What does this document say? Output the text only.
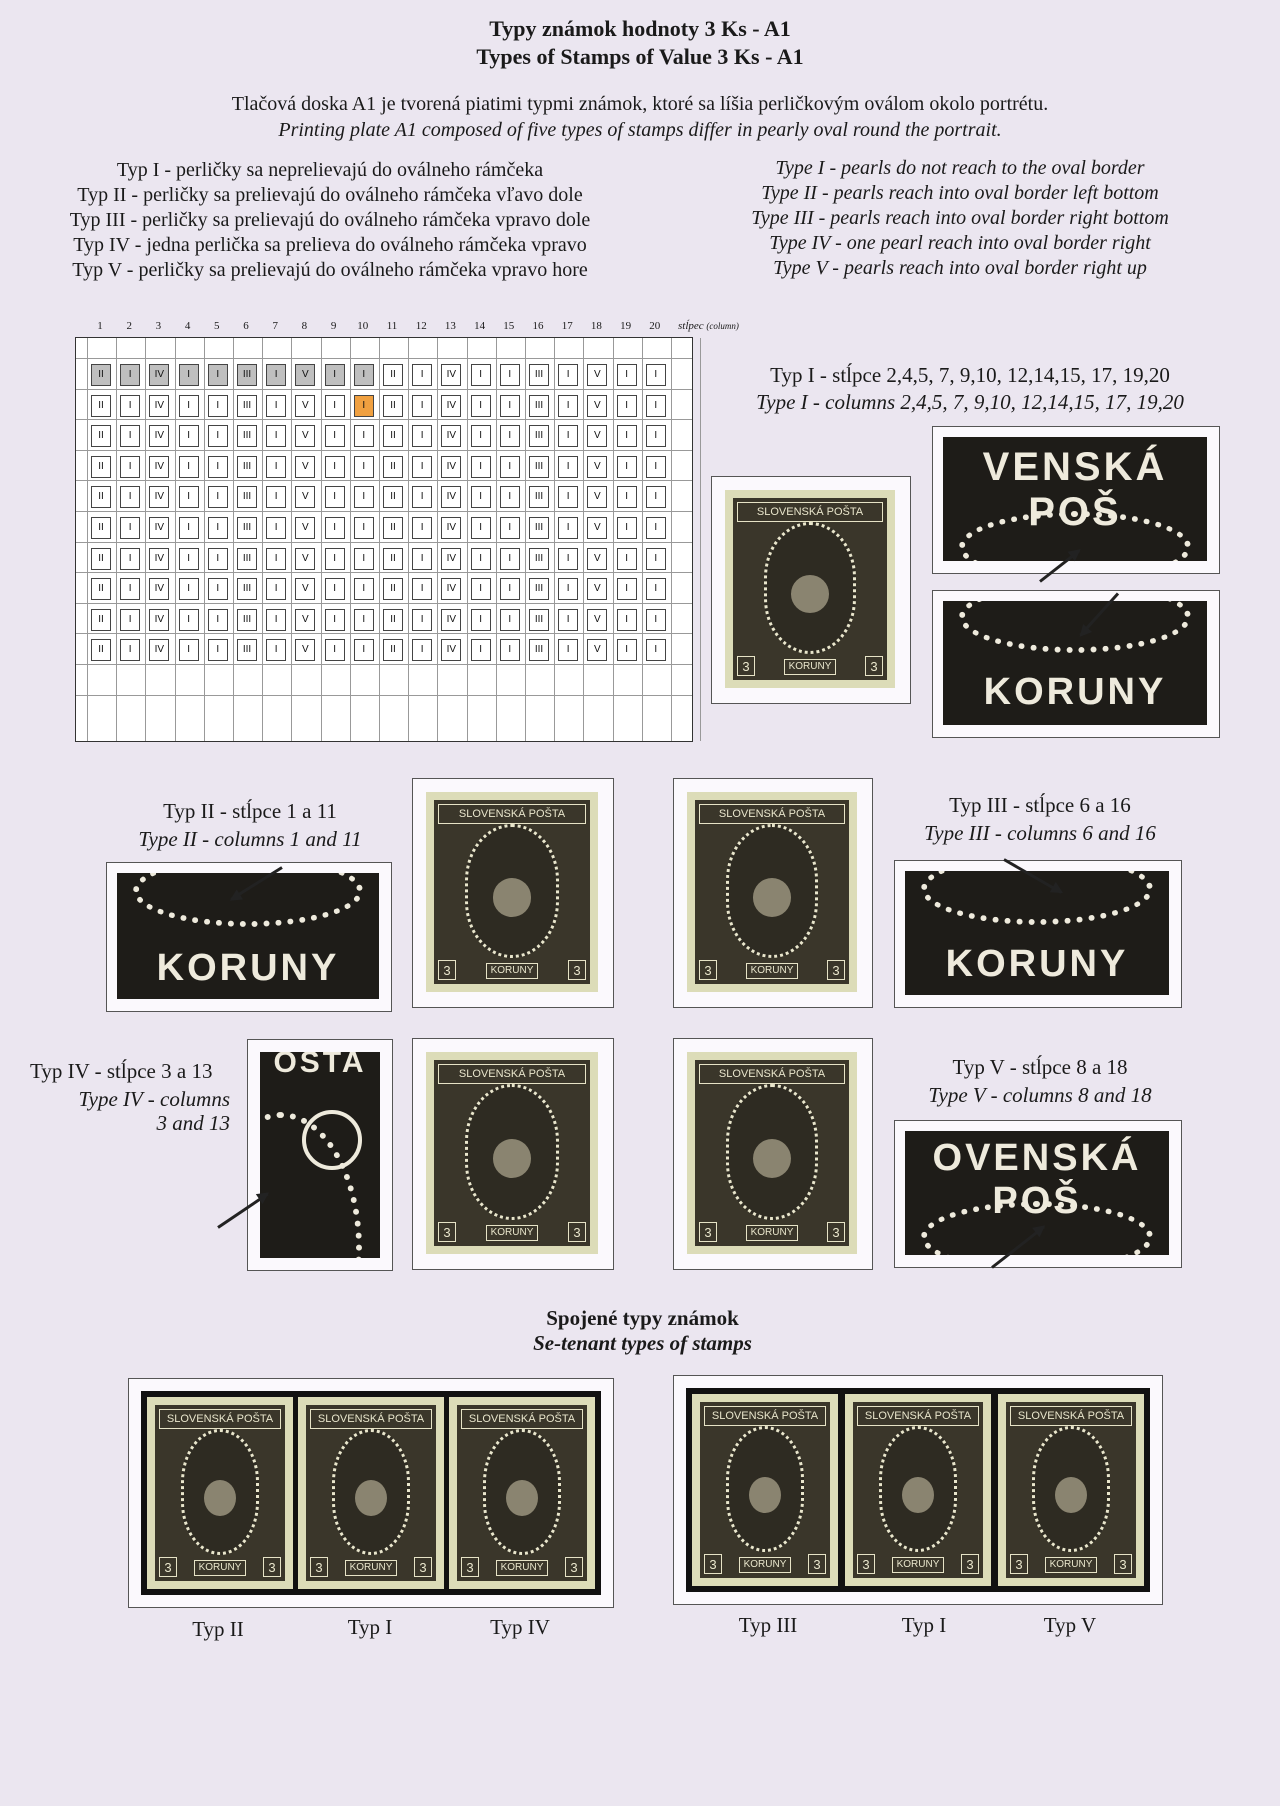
Typy známok hodnoty 3 Ks - A1
Types of Stamps of Value 3 Ks - A1
Tlačová doska A1 je tvorená piatimi typmi známok, ktoré sa líšia perličkovým oválom okolo portrétu.
Printing plate A1 composed of five types of stamps differ in pearly oval round the portrait.
Typ I - perličky sa neprelievajú do oválneho rámčeka
Typ II - perličky sa prelievajú do oválneho rámčeka vľavo dole
Typ III - perličky sa prelievajú do oválneho rámčeka vpravo dole
Typ IV - jedna perlička sa prelieva do oválneho rámčeka vpravo
Typ V - perličky sa prelievajú do oválneho rámčeka vpravo hore
Type I - pearls do not reach to the oval border
Type II - pearls reach into oval border left bottom
Type III - pearls reach into oval border right bottom
Type IV - one pearl reach into oval border right
Type V - pearls reach into oval border right up
1	2	3	4	5	6	7	8	9	10	11	12	13	14	15	16	17	18	19	20	stĺpec (column)
II	I	IV	I	I	III	I	V	I	I	II	I	IV	I	I	III	I	V	I	I
II	I	IV	I	I	III	I	V	I	I	II	I	IV	I	I	III	I	V	I	I
II	I	IV	I	I	III	I	V	I	I	II	I	IV	I	I	III	I	V	I	I
II	I	IV	I	I	III	I	V	I	I	II	I	IV	I	I	III	I	V	I	I
II	I	IV	I	I	III	I	V	I	I	II	I	IV	I	I	III	I	V	I	I
II	I	IV	I	I	III	I	V	I	I	II	I	IV	I	I	III	I	V	I	I
II	I	IV	I	I	III	I	V	I	I	II	I	IV	I	I	III	I	V	I	I
II	I	IV	I	I	III	I	V	I	I	II	I	IV	I	I	III	I	V	I	I
II	I	IV	I	I	III	I	V	I	I	II	I	IV	I	I	III	I	V	I	I
II	I	IV	I	I	III	I	V	I	I	II	I	IV	I	I	III	I	V	I	I
Typ I - stĺpce 2,4,5, 7, 9,10, 12,14,15, 17, 19,20
Type I - columns 2,4,5, 7, 9,10, 12,14,15, 17, 19,20
SLOVENSKÁ POŠTA
3	KORUNY	3
VENSKÁ POŠ
KORUNY
Typ II - stĺpce 1 a 11
Type II - columns 1 and 11
KORUNY
SLOVENSKÁ POŠTA
3	KORUNY	3
SLOVENSKÁ POŠTA
3	KORUNY	3
Typ III - stĺpce 6 a 16
Type III - columns 6 and 16
KORUNY
Typ IV - stĺpce 3 a 13
Type IV - columns
3 and 13
OSTA	SLOVENSKÁ POŠTA
3	KORUNY	3
SLOVENSKÁ POŠTA
3	KORUNY	3
Typ V - stĺpce 8 a 18
Type V - columns 8 and 18
OVENSKÁ POŠ
Spojené typy známok
Se-tenant types of stamps
SLOVENSKÁ POŠTA
3	KORUNY	3
SLOVENSKÁ POŠTA
3	KORUNY	3
SLOVENSKÁ POŠTA
3	KORUNY	3
SLOVENSKÁ POŠTA
3	KORUNY	3
SLOVENSKÁ POŠTA
3	KORUNY	3
SLOVENSKÁ POŠTA
3	KORUNY	3
Typ II	Typ I	Typ IV	Typ III	Typ I	Typ V
